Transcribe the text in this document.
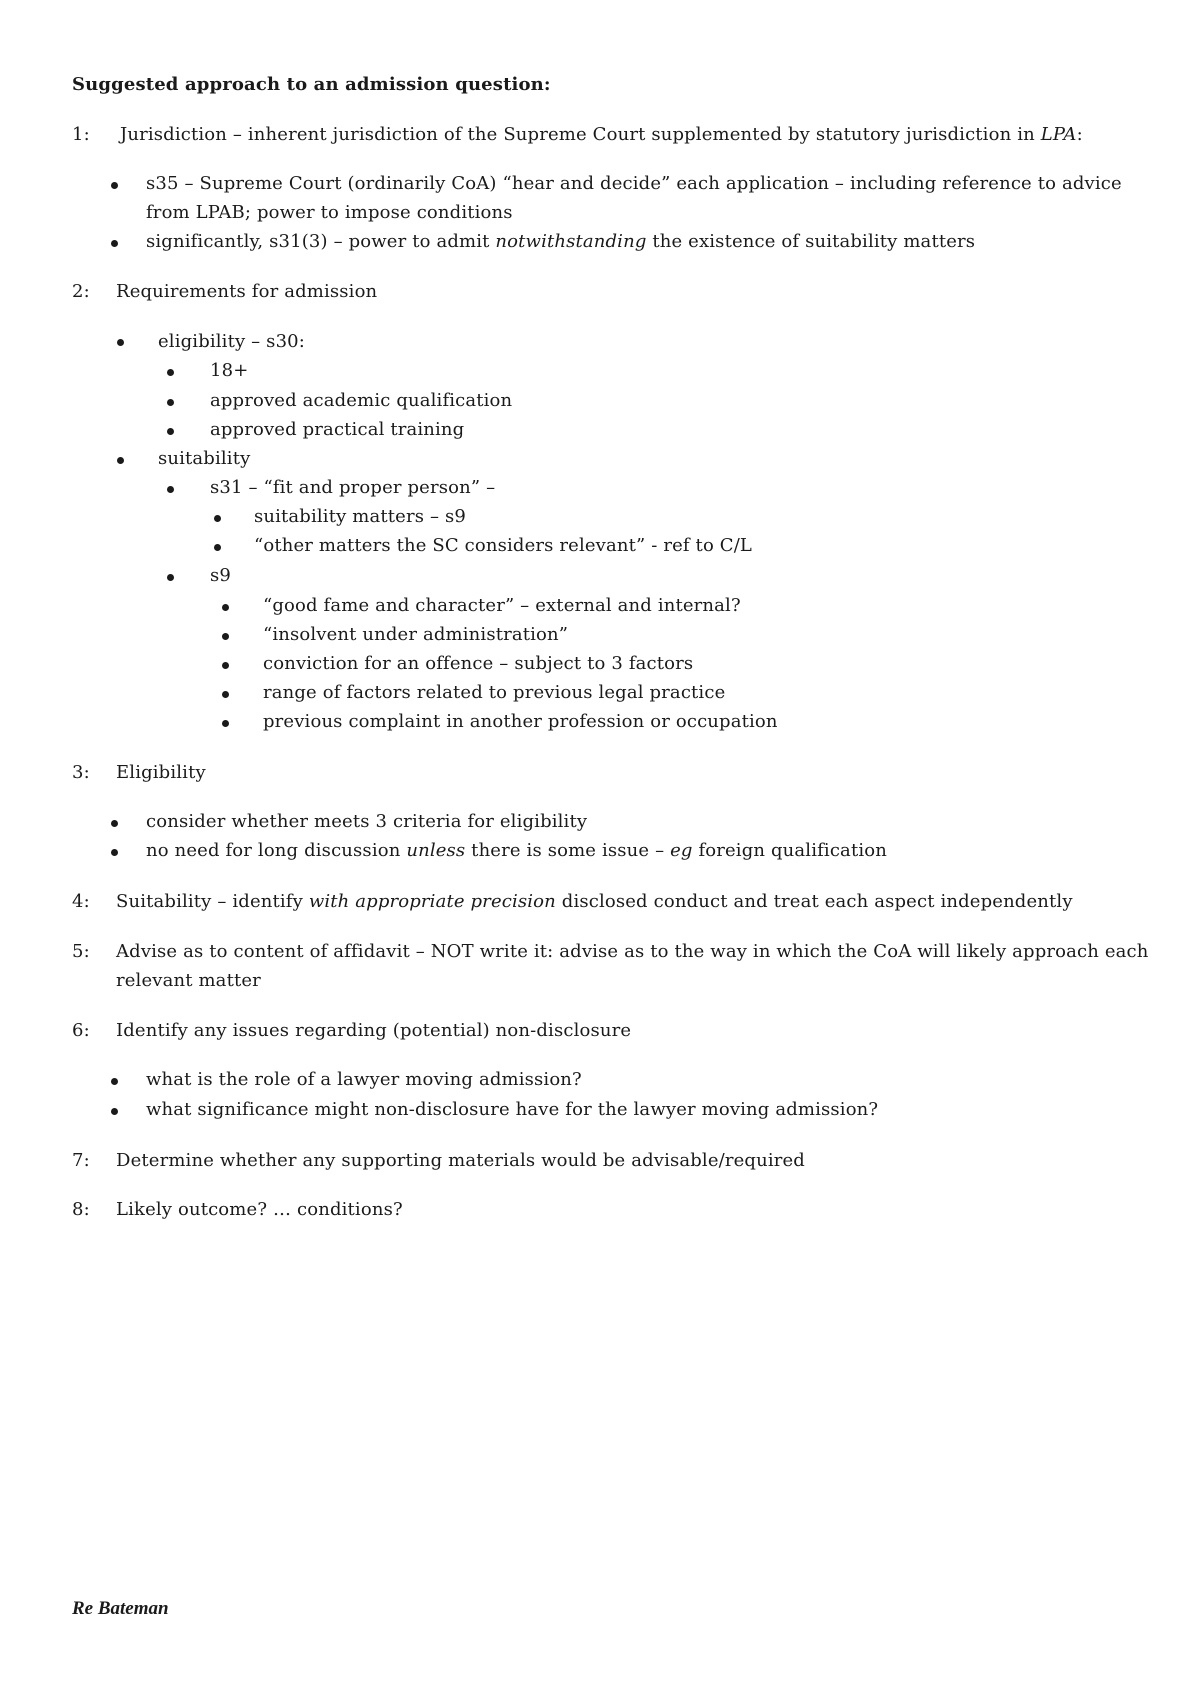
Suggested approach to an admission question:
1: Jurisdiction – inherent jurisdiction of the Supreme Court supplemented by statutory jurisdiction in LPA:
s35 – Supreme Court (ordinarily CoA) “hear and decide” each application – including reference to advice
from LPAB; power to impose conditions
significantly, s31(3) – power to admit notwithstanding the existence of suitability matters
2: Requirements for admission
eligibility – s30:
18+
approved academic qualification
approved practical training
suitability
s31 – “fit and proper person” –
suitability matters – s9
“other matters the SC considers relevant” - ref to C/L
s9
“good fame and character” – external and internal?
“insolvent under administration”
conviction for an offence – subject to 3 factors
range of factors related to previous legal practice
previous complaint in another profession or occupation
3: Eligibility
consider whether meets 3 criteria for eligibility
no need for long discussion unless there is some issue – eg foreign qualification
4: Suitability – identify with appropriate precision disclosed conduct and treat each aspect independently
5: Advise as to content of affidavit – NOT write it: advise as to the way in which the CoA will likely approach each
relevant matter
6: Identify any issues regarding (potential) non-disclosure
what is the role of a lawyer moving admission?
what significance might non-disclosure have for the lawyer moving admission?
7: Determine whether any supporting materials would be advisable/required
8: Likely outcome? … conditions?
Re Bateman
